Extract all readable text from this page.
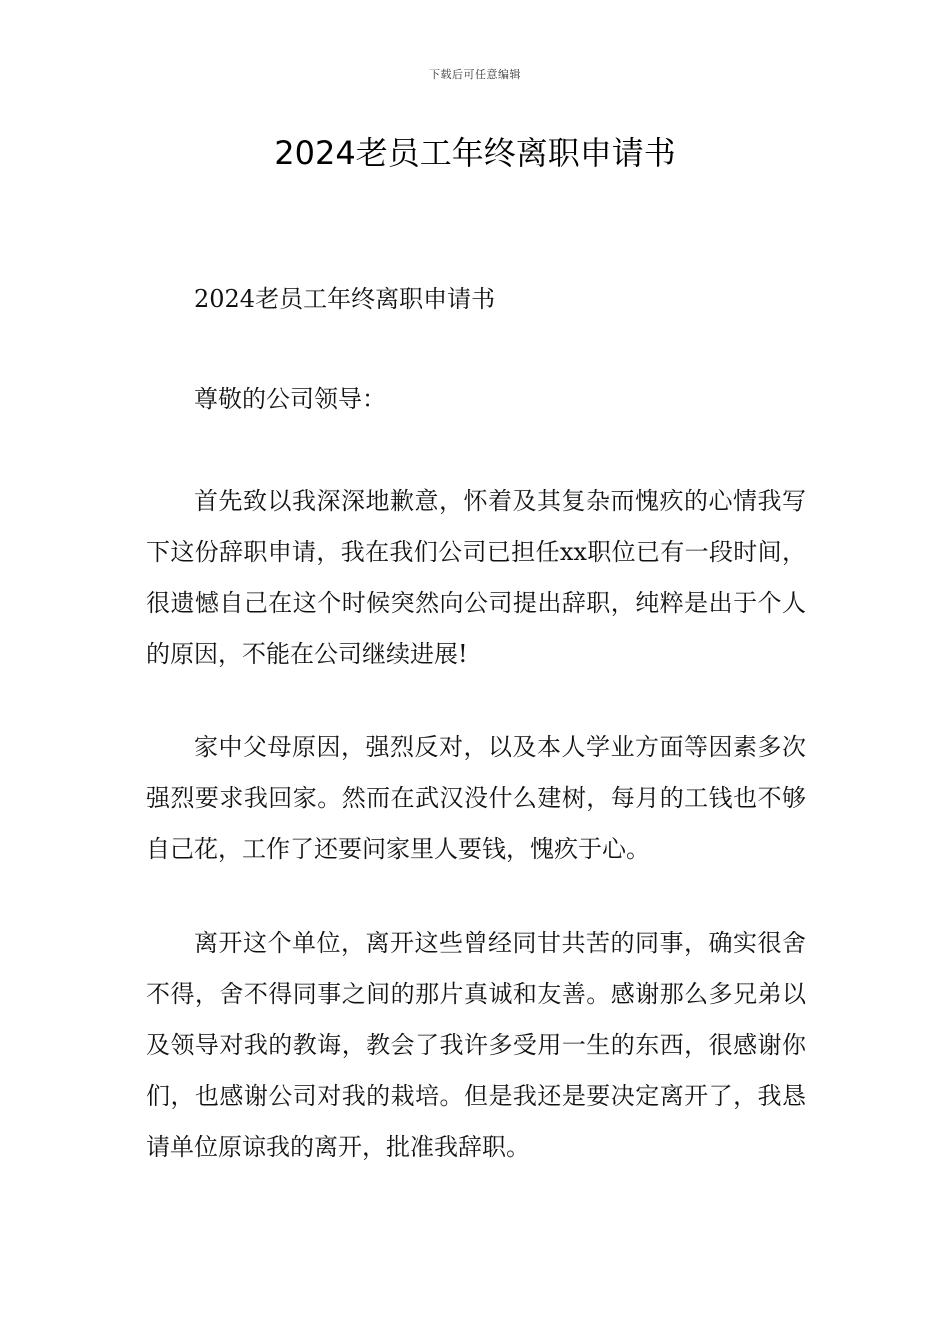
下载后可任意编辑
2024老员工年终离职申请书

2024老员工年终离职申请书

尊敬的公司领导：

首先致以我深深地歉意，怀着及其复杂而愧疚的心情我写下这份辞职申请，我在我们公司已担任xx职位已有一段时间，很遗憾自己在这个时候突然向公司提出辞职，纯粹是出于个人的原因，不能在公司继续进展!

家中父母原因，强烈反对，以及本人学业方面等因素多次强烈要求我回家。然而在武汉没什么建树，每月的工钱也不够自己花，工作了还要问家里人要钱，愧疚于心。

离开这个单位，离开这些曾经同甘共苦的同事，确实很舍不得，舍不得同事之间的那片真诚和友善。感谢那么多兄弟以及领导对我的教诲，教会了我许多受用一生的东西，很感谢你们，也感谢公司对我的栽培。但是我还是要决定离开了，我恳请单位原谅我的离开，批准我辞职。
